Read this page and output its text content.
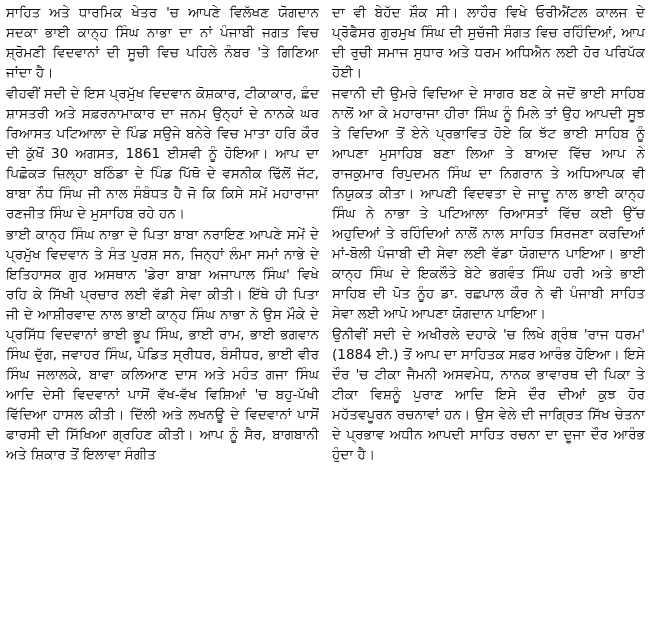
ਸਾਹਿਤ ਅਤੇ ਧਾਰਮਿਕ ਖੇਤਰ 'ਚ ਆਪਣੇ ਵਿਲੱਖਣ ਯੋਗਦਾਨ ਸਦਕਾ ਭਾਈ ਕਾਨ੍ਹ ਸਿੰਘ ਨਾਭਾ ਦਾ ਨਾਂ ਪੰਜਾਬੀ ਜਗਤ ਵਿਚ ਸ਼੍ਰੋਮਣੀ ਵਿਦਵਾਨਾਂ ਦੀ ਸੂਚੀ ਵਿਚ ਪਹਿਲੇ ਨੰਬਰ 'ਤੇ ਗਿਣਿਆ ਜਾਂਦਾ ਹੈ।

ਵੀਹਵੀਂ ਸਦੀ ਦੇ ਇਸ ਪ੍ਰਮੁੱਖ ਵਿਦਵਾਨ ਕੋਸ਼ਕਾਰ, ਟੀਕਾਕਾਰ, ਛੰਦ ਸ਼ਾਸਤਰੀ ਅਤੇ ਸਫ਼ਰਨਾਮਾਕਾਰ ਦਾ ਜਨਮ ਉਨ੍ਹਾਂ ਦੇ ਨਾਨਕੇ ਘਰ ਰਿਆਸਤ ਪਟਿਆਲਾ ਦੇ ਪਿੰਡ ਸਉਜੇ ਬਨੇਰੇ ਵਿਚ ਮਾਤਾ ਹਰਿ ਕੌਰ ਦੀ ਕੁੱਖੋਂ 30 ਅਗਸਤ, 1861 ਈਸਵੀ ਨੂੰ ਹੋਇਆ। ਆਪ ਦਾ ਪਿਛੋਕੜ ਜ਼ਿਲ੍ਹਾ ਬਠਿੰਡਾ ਦੇ ਪਿੰਡ ਪਿੱਥੋ ਦੇ ਵਸਨੀਕ ਢਿੱਲੋਂ ਜੱਟ, ਬਾਬਾ ਨੌਧ ਸਿੰਘ ਜੀ ਨਾਲ ਸੰਬੰਧਤ ਹੈ ਜੋ ਕਿ ਕਿਸੇ ਸਮੇਂ ਮਹਾਰਾਜਾ ਰਣਜੀਤ ਸਿੰਘ ਦੇ ਮੁਸਾਹਿਬ ਰਹੇ ਹਨ।

ਭਾਈ ਕਾਨ੍ਹ ਸਿੰਘ ਨਾਭਾ ਦੇ ਪਿਤਾ ਬਾਬਾ ਨਰਾਇਣ ਆਪਣੇ ਸਮੇਂ ਦੇ ਪ੍ਰਮੁੱਖ ਵਿਦਵਾਨ ਤੇ ਸੰਤ ਪੁਰਸ਼ ਸਨ, ਜਿਨ੍ਹਾਂ ਲੰਮਾ ਸਮਾਂ ਨਾਭੇ ਦੇ ਇਤਿਹਾਸਕ ਗੁਰ ਅਸਥਾਨ 'ਡੇਰਾ ਬਾਬਾ ਅਜਾਪਾਲ ਸਿੰਘ' ਵਿਖੇ ਰਹਿ ਕੇ ਸਿੱਖੀ ਪ੍ਰਚਾਰ ਲਈ ਵੱਡੀ ਸੇਵਾ ਕੀਤੀ। ਇੱਥੇ ਹੀ ਪਿਤਾ ਜੀ ਦੇ ਆਸ਼ੀਰਵਾਦ ਨਾਲ ਭਾਈ ਕਾਨ੍ਹ ਸਿੰਘ ਨਾਭਾ ਨੇ ਉਸ ਮੌਕੇ ਦੇ ਪ੍ਰਸਿੱਧ ਵਿਦਵਾਨਾਂ ਭਾਈ ਭੂਪ ਸਿੰਘ, ਭਾਈ ਰਾਮ, ਭਾਈ ਭਗਵਾਨ ਸਿੰਘ ਦੁੱਗ, ਜਵਾਹਰ ਸਿੰਘ, ਪੰਡਿਤ ਸ੍ਰੀਧਰ, ਬੰਸੀਧਰ, ਭਾਈ ਵੀਰ ਸਿੰਘ ਜਲਾਲਕੇ, ਬਾਵਾ ਕਲਿਆਣ ਦਾਸ ਅਤੇ ਮਹੰਤ ਗਜਾ ਸਿੰਘ ਆਦਿ ਦੇਸੀ ਵਿਦਵਾਨਾਂ ਪਾਸੋਂ ਵੱਖ-ਵੱਖ ਵਿਸ਼ਿਆਂ 'ਚ ਬਹੁ-ਪੱਖੀ ਵਿੱਦਿਆ ਹਾਸਲ ਕੀਤੀ। ਦਿੱਲੀ ਅਤੇ ਲਖਨਊ ਦੇ ਵਿਦਵਾਨਾਂ ਪਾਸੋਂ ਫਾਰਸੀ ਦੀ ਸਿੱਖਿਆ ਗ੍ਰਹਿਣ ਕੀਤੀ। ਆਪ ਨੂੰ ਸੈਰ, ਬਾਗਬਾਨੀ ਅਤੇ ਸ਼ਿਕਾਰ ਤੋਂ ਇਲਾਵਾ ਸੰਗੀਤ

ਦਾ ਵੀ ਬੇਹੱਦ ਸ਼ੌਕ ਸੀ। ਲਾਹੌਰ ਵਿਖੇ ਓਰੀਐਂਟਲ ਕਾਲਜ ਦੇ ਪ੍ਰੋਫੈਸਰ ਗੁਰਮੁਖ ਸਿੰਘ ਦੀ ਸੁਚੱਜੀ ਸੰਗਤ ਵਿਚ ਰਹਿੰਦਿਆਂ, ਆਪ ਦੀ ਰੁਚੀ ਸਮਾਜ ਸੁਧਾਰ ਅਤੇ ਧਰਮ ਅਧਿਐਨ ਲਈ ਹੋਰ ਪਰਿਪੱਕ ਹੋਈ।

ਜਵਾਨੀ ਦੀ ਉਮਰੇ ਵਿਦਿਆ ਦੇ ਸਾਗਰ ਬਣ ਕੇ ਜਦੋਂ ਭਾਈ ਸਾਹਿਬ ਨਾਲੋਂ ਆ ਕੇ ਮਹਾਰਾਜਾ ਹੀਰਾ ਸਿੰਘ ਨੂੰ ਮਿਲੇ ਤਾਂ ਉਹ ਆਪਦੀ ਸੂਝ ਤੇ ਵਿਦਿਆ ਤੋਂ ਏਨੇ ਪ੍ਰਭਾਵਿਤ ਹੋਏ ਕਿ ਝੱਟ ਭਾਈ ਸਾਹਿਬ ਨੂੰ ਆਪਣਾ ਮੁਸਾਹਿਬ ਬਣਾ ਲਿਆ ਤੇ ਬਾਅਦ ਵਿੱਚ ਆਪ ਨੇ ਰਾਜਕੁਮਾਰ ਰਿਪੁਦਮਨ ਸਿੰਘ ਦਾ ਨਿਗਰਾਨ ਤੇ ਅਧਿਆਪਕ ਵੀ ਨਿਯੁਕਤ ਕੀਤਾ। ਆਪਣੀ ਵਿਦਵਤਾ ਦੇ ਜਾਦੂ ਨਾਲ ਭਾਈ ਕਾਨ੍ਹ ਸਿੰਘ ਨੇ ਨਾਭਾ ਤੇ ਪਟਿਆਲਾ ਰਿਆਸਤਾਂ ਵਿੱਚ ਕਈ ਉੱਚ ਅਹੁਦਿਆਂ ਤੇ ਰਹਿੰਦਿਆਂ ਨਾਲੋਂ ਨਾਲ ਸਾਹਿਤ ਸਿਰਜਣਾ ਕਰਦਿਆਂ ਮਾਂ-ਬੋਲੀ ਪੰਜਾਬੀ ਦੀ ਸੇਵਾ ਲਈ ਵੱਡਾ ਯੋਗਦਾਨ ਪਾਇਆ। ਭਾਈ ਕਾਨ੍ਹ ਸਿੰਘ ਦੇ ਇਕਲੌਤੇ ਬੇਟੇ ਭਗਵੰਤ ਸਿੰਘ ਹਰੀ ਅਤੇ ਭਾਈ ਸਾਹਿਬ ਦੀ ਪੋਤ ਨੂੰਹ ਡਾ. ਰਛਪਾਲ ਕੌਰ ਨੇ ਵੀ ਪੰਜਾਬੀ ਸਾਹਿਤ ਸੇਵਾ ਲਈ ਆਪੋ ਆਪਣਾ ਯੋਗਦਾਨ ਪਾਇਆ।

ਉਨੀਵੀਂ ਸਦੀ ਦੇ ਅਖੀਰਲੇ ਦਹਾਕੇ 'ਚ ਲਿਖੇ ਗ੍ਰੰਥ 'ਰਾਜ ਧਰਮ' (1884 ਈ.) ਤੋਂ ਆਪ ਦਾ ਸਾਹਿਤਕ ਸਫ਼ਰ ਆਰੰਭ ਹੋਇਆ। ਇਸੇ ਦੌਰ 'ਚ ਟੀਕਾ ਜੈਮਨੀ ਅਸਵਮੇਧ, ਨਾਨਕ ਭਾਵਾਰਥ ਦੀ ਪਿਕਾ ਤੇ ਟੀਕਾ ਵਿਸ਼ਨੂੰ ਪੁਰਾਣ ਆਦਿ ਇਸੇ ਦੌਰ ਦੀਆਂ ਕੁਝ ਹੋਰ ਮਹੱਤਵਪੂਰਨ ਰਚਨਾਵਾਂ ਹਨ। ਉਸ ਵੇਲੇ ਦੀ ਜਾਗ੍ਰਿਤ ਸਿੱਖ ਚੇਤਨਾ ਦੇ ਪ੍ਰਭਾਵ ਅਧੀਨ ਆਪਦੀ ਸਾਹਿਤ ਰਚਨਾ ਦਾ ਦੂਜਾ ਦੌਰ ਆਰੰਭ ਹੁੰਦਾ ਹੈ।
